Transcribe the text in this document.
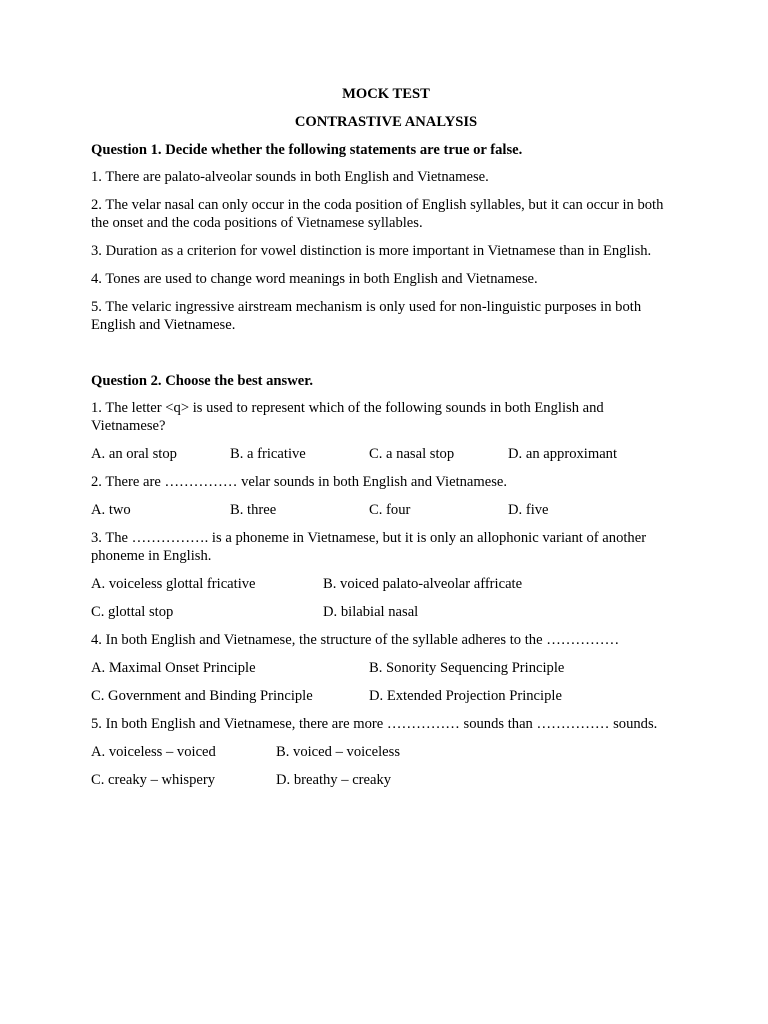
MOCK TEST

CONTRASTIVE ANALYSIS

Question 1. Decide whether the following statements are true or false.

1. There are palato-alveolar sounds in both English and Vietnamese.

2. The velar nasal can only occur in the coda position of English syllables, but it can occur in both the onset and the coda positions of Vietnamese syllables.

3. Duration as a criterion for vowel distinction is more important in Vietnamese than in English.

4. Tones are used to change word meanings in both English and Vietnamese.

5. The velaric ingressive airstream mechanism is only used for non-linguistic purposes in both English and Vietnamese.

Question 2. Choose the best answer.

1. The letter <q> is used to represent which of the following sounds in both English and Vietnamese?

A. an oral stop	B. a fricative	C. a nasal stop	D. an approximant

2. There are …………… velar sounds in both English and Vietnamese.

A. two	B. three	C. four	D. five

3. The ……………. is a phoneme in Vietnamese, but it is only an allophonic variant of another phoneme in English.

A. voiceless glottal fricative	B. voiced palato-alveolar affricate
C. glottal stop	D. bilabial nasal

4. In both English and Vietnamese, the structure of the syllable adheres to the ……………

A. Maximal Onset Principle	B. Sonority Sequencing Principle
C. Government and Binding Principle	D. Extended Projection Principle

5. In both English and Vietnamese, there are more …………… sounds than …………… sounds.

A. voiceless – voiced	B. voiced – voiceless
C. creaky – whispery	D. breathy – creaky
